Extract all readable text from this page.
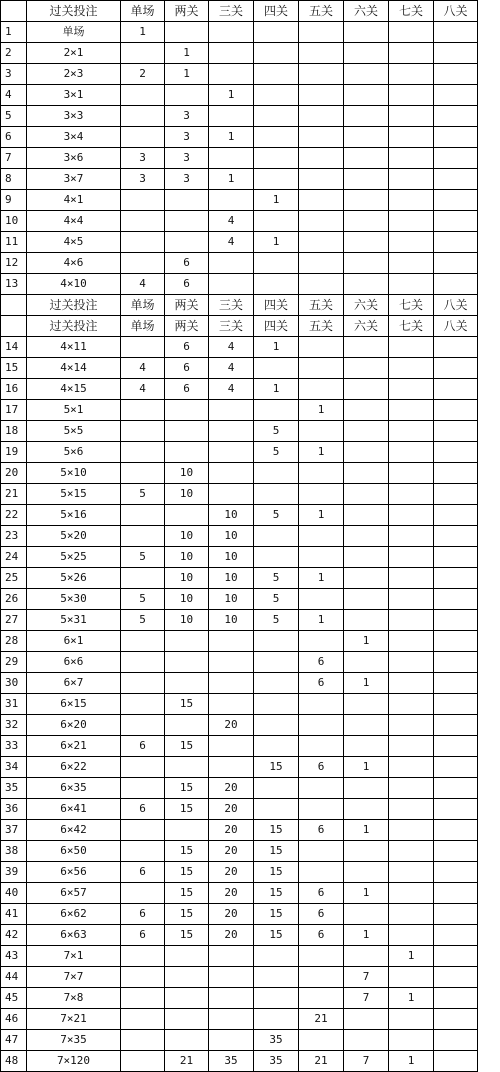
	过关投注	单场	两关	三关	四关	五关	六关	七关	八关
1	单场	1							
2	2×1		1						
3	2×3	2	1						
4	3×1			1					
5	3×3		3						
6	3×4		3	1					
7	3×6	3	3						
8	3×7	3	3	1					
9	4×1				1				
10	4×4			4					
11	4×5			4	1				
12	4×6		6						
13	4×10	4	6						
	过关投注	单场	两关	三关	四关	五关	六关	七关	八关
	过关投注	单场	两关	三关	四关	五关	六关	七关	八关
14	4×11		6	4	1				
15	4×14	4	6	4					
16	4×15	4	6	4	1				
17	5×1					1			
18	5×5				5				
19	5×6				5	1			
20	5×10		10						
21	5×15	5	10						
22	5×16			10	5	1			
23	5×20		10	10					
24	5×25	5	10	10					
25	5×26		10	10	5	1			
26	5×30	5	10	10	5				
27	5×31	5	10	10	5	1			
28	6×1						1		
29	6×6					6			
30	6×7					6	1		
31	6×15		15						
32	6×20			20					
33	6×21	6	15						
34	6×22				15	6	1		
35	6×35		15	20					
36	6×41	6	15	20					
37	6×42			20	15	6	1		
38	6×50		15	20	15				
39	6×56	6	15	20	15				
40	6×57		15	20	15	6	1		
41	6×62	6	15	20	15	6			
42	6×63	6	15	20	15	6	1		
43	7×1							1	
44	7×7						7		
45	7×8						7	1	
46	7×21					21			
47	7×35				35				
48	7×120		21	35	35	21	7	1	
